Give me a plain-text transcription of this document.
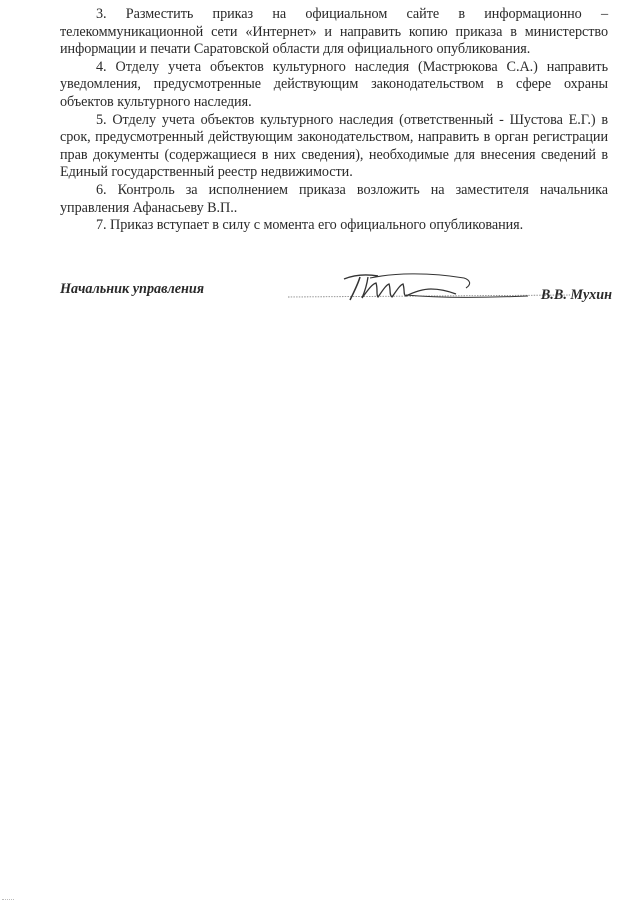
3. Разместить приказ на официальном сайте в информационно – телекоммуникационной сети «Интернет» и направить копию приказа в министерство информации и печати Саратовской области для официального опубликования.

4. Отделу учета объектов культурного наследия (Мастрюкова С.А.) направить уведомления, предусмотренные действующим законодательством в сфере охраны объектов культурного наследия.

5. Отделу учета объектов культурного наследия (ответственный - Шустова Е.Г.) в срок, предусмотренный действующим законодательством, направить в орган регистрации прав документы (содержащиеся в них сведения), необходимые для внесения сведений в Единый государственный реестр недвижимости.

6. Контроль за исполнением приказа возложить на заместителя начальника управления Афанасьеву В.П..

7. Приказ вступает в силу с момента его официального опубликования.

Начальник управления	В.В. Мухин
